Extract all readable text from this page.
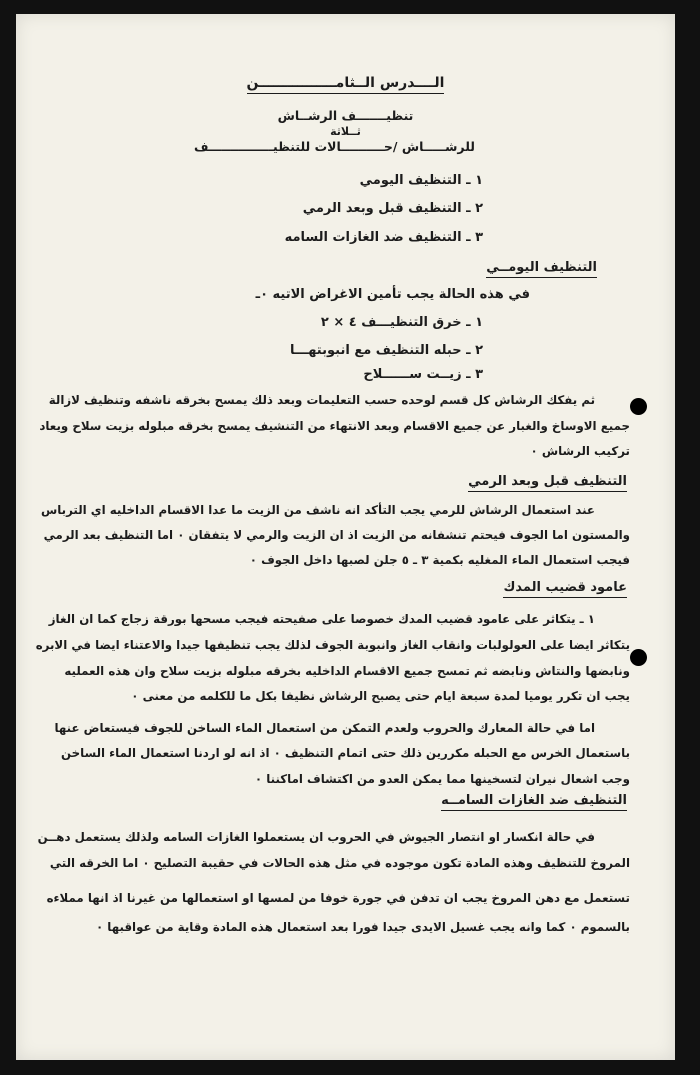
الــــدرس الــثامــــــــــــــــن
تنظيـــــــف الرشــاش
ثــلاثة
للرشـــــاش /حــــــــــالات للتنظيـــــــــــــــف
١ ـ التنظيف اليومي
٢ ـ التنظيف قبل وبعد الرمي
٣ ـ التنظيف ضد الغازات السامه
التنظيف اليومــي
في هذه الحالة يجب تأمين الاغراض الاتيه ٠ـ
١ ـ خرق التنظيـــف ٤ × ٢
٢ ـ حبله التنظيف مع انبوبتهـــا
٣ ـ زيــت ســــــلاح
ثم يفكك الرشاش كل قسم لوحده حسب التعليمات وبعد ذلك يمسح بخرقه ناشفه وتنظيف لازالة
جميع الاوساخ والغبار عن جميع الاقسام وبعد الانتهاء من التنشيف يمسح بخرقه مبلوله بزيت سلاح ويعاد
تركيب الرشاش ٠
التنظيف قبل وبعد الرمي
عند استعمال الرشاش للرمي يجب التأكد انه ناشف من الزيت ما عدا الاقسام الداخليه اي الترباس
والمستون اما الجوف فيحتم تنشفانه من الزيت اذ ان الزيت والرمي لا يتفقان ٠ اما التنظيف بعد الرمي
فيجب استعمال الماء المغليه بكمية ٣ ـ ٥ جلن لصبها داخل الجوف ٠
عامود قضيب المدك
١ ـ يتكاثر على عامود قضيب المدك خصوصا على صفيحته فيجب مسحها بورقة زجاج كما ان الغاز
يتكاثر ايضا على العولولبات وانقاب الغاز وانبوبة الجوف لذلك يجب تنظيفها جيدا والاعتناء ايضا في الابره
ونابضها والنتاش ونابضه ثم تمسح جميع الاقسام الداخليه بخرقه مبلوله بزيت سلاح وان هذه العمليه
يجب ان تكرر يوميا لمدة سبعة ايام حتى يصبح الرشاش نظيفا بكل ما للكلمه من معنى ٠
اما في حالة المعارك والحروب ولعدم التمكن من استعمال الماء الساخن للجوف فيستعاض عنها
باستعمال الخرس مع الحبله مكررين ذلك حتى اتمام التنظيف ٠ اذ انه لو اردنا استعمال الماء الساخن
وجب اشعال نيران لتسخينها مما يمكن العدو من اكتشاف اماكننا ٠
التنظيف ضد الغازات السامــه
في حالة انكسار او انتصار الجيوش في الحروب ان يستعملوا الغازات السامه ولذلك يستعمل دهــن
المروخ للتنظيف وهذه المادة تكون موجوده في مثل هذه الحالات في حقيبة التصليح ٠ اما الخرقه التي
تستعمل مع دهن المروخ يجب ان تدفن في جورة خوفا من لمسها او استعمالها من غيرنا اذ انها مملاءه
بالسموم ٠ كما وانه يجب غسيل الايدى جيدا فورا بعد استعمال هذه المادة وقاية من عواقبها ٠
